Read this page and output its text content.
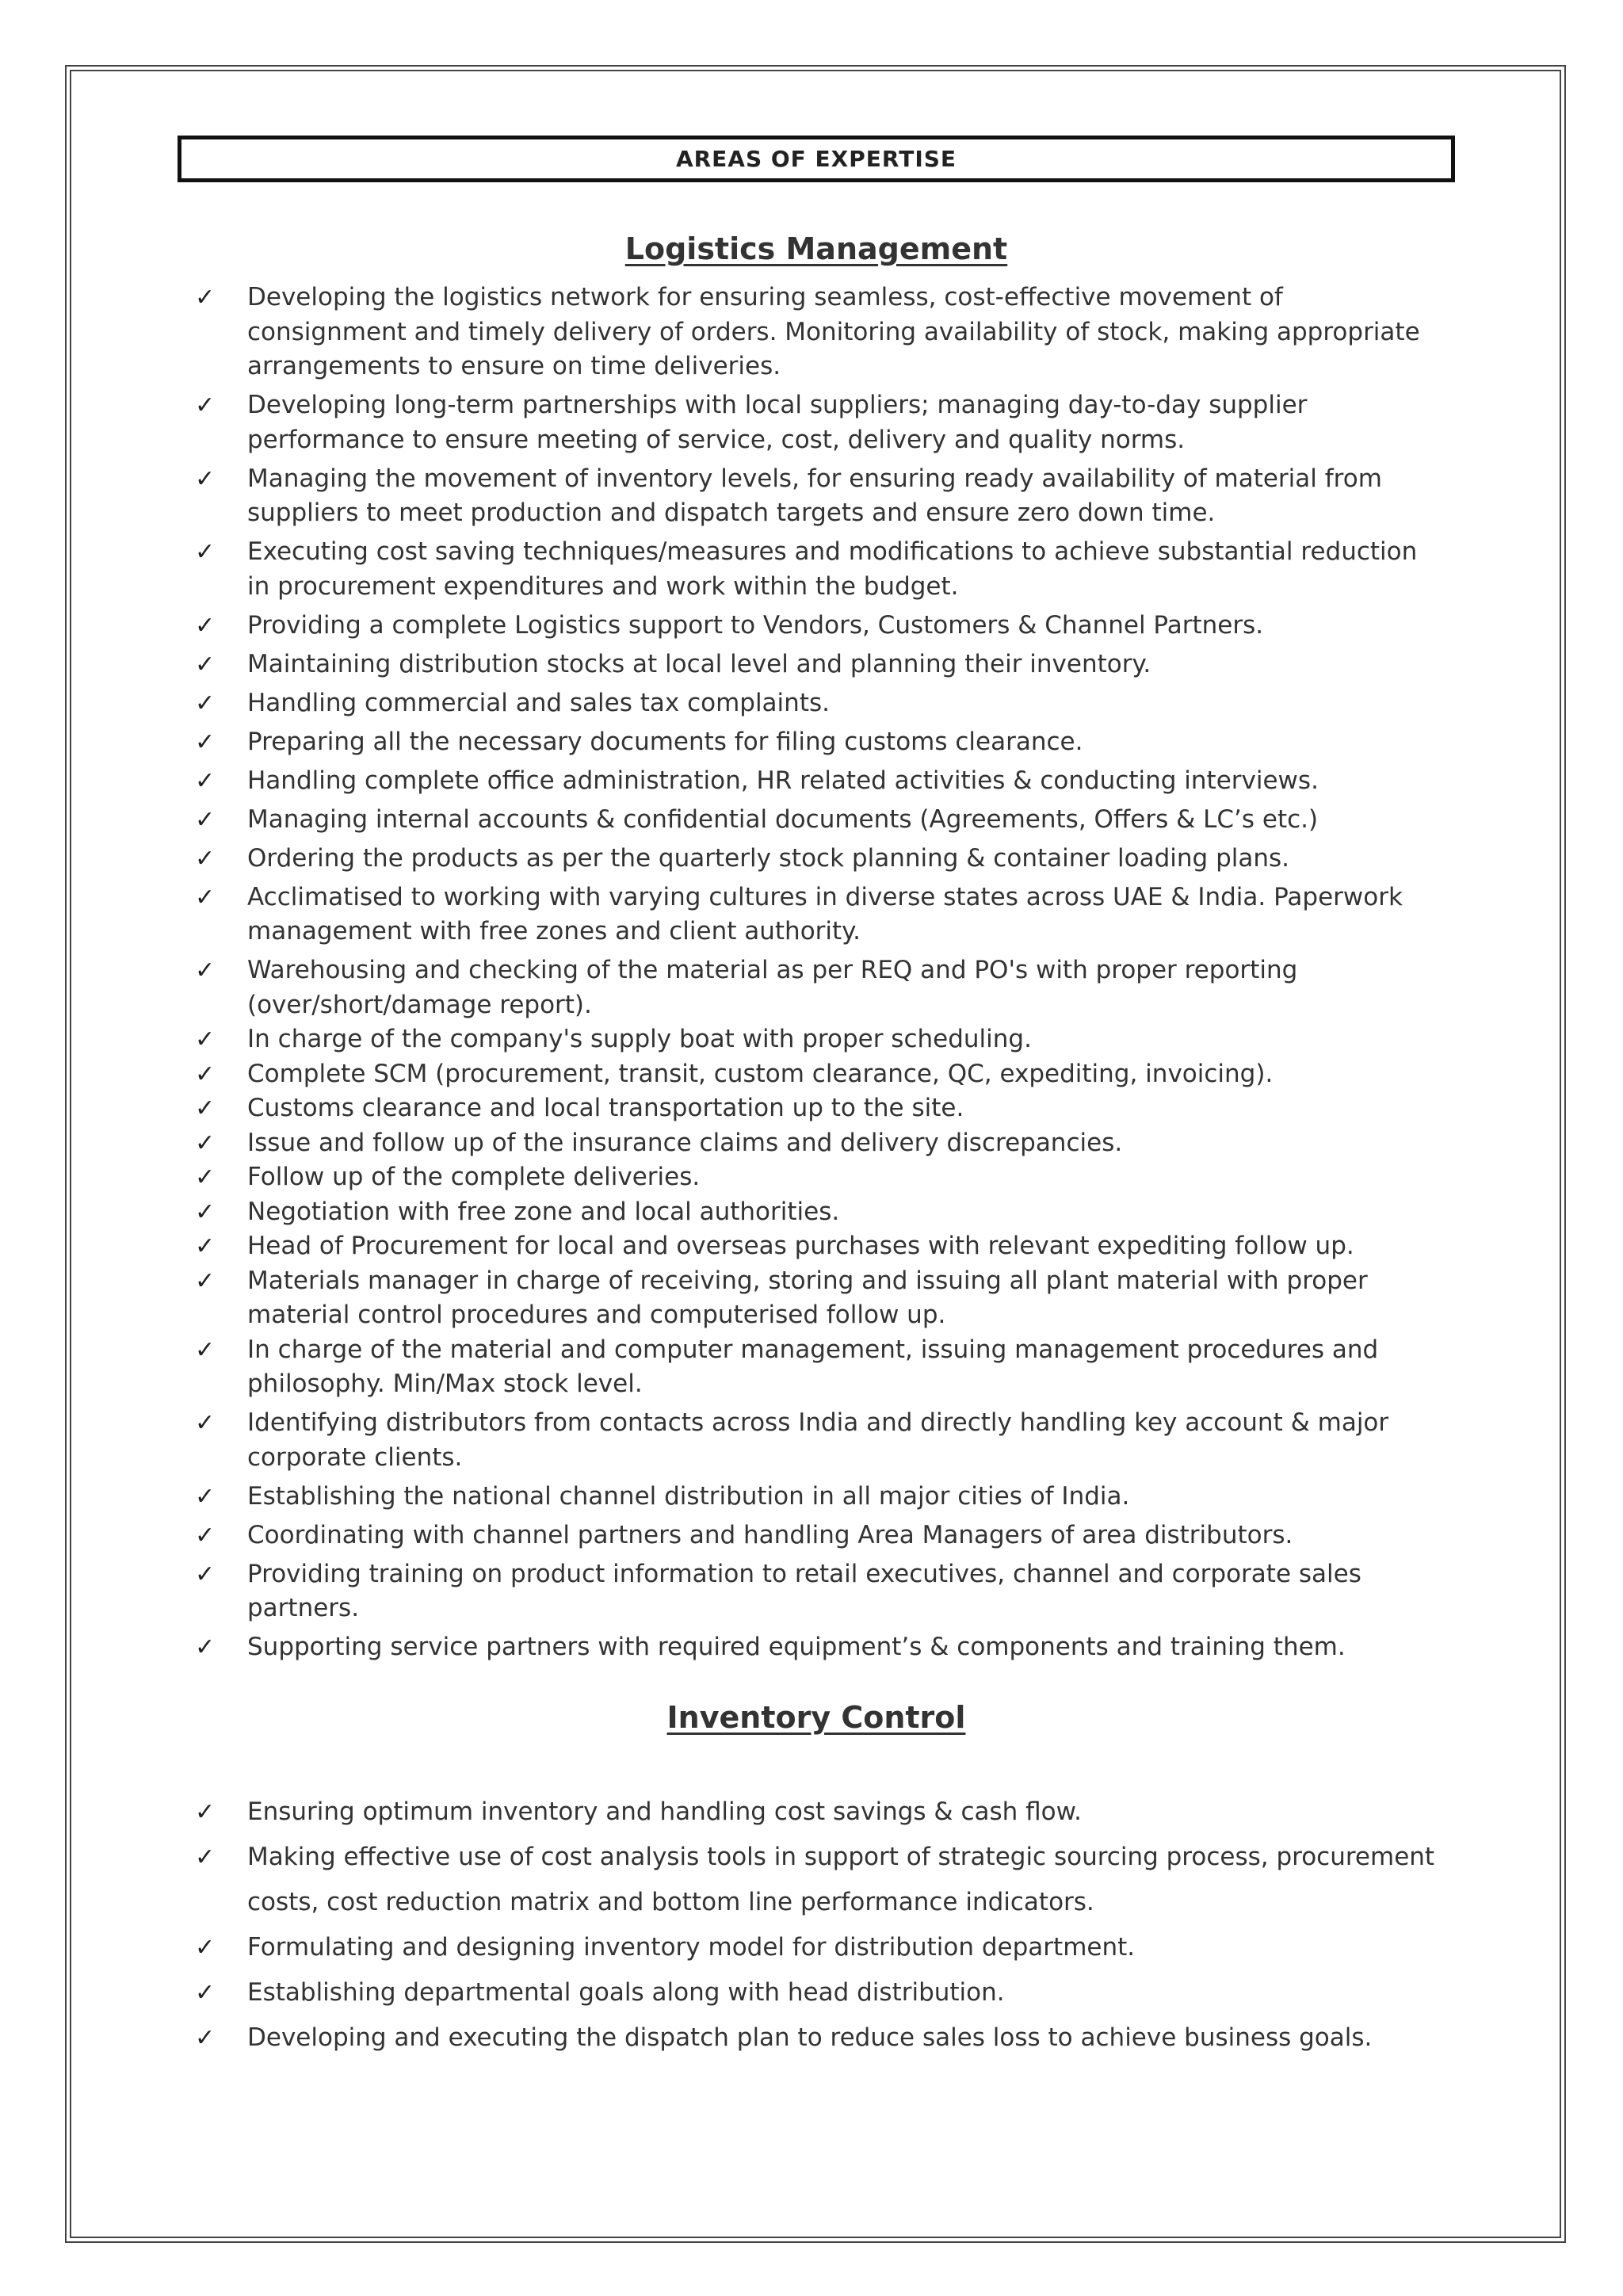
AREAS OF EXPERTISE
Logistics Management
✓ Developing the logistics network for ensuring seamless, cost-effective movement of consignment and timely delivery of orders. Monitoring availability of stock, making appropriate arrangements to ensure on time deliveries.
✓ Developing long-term partnerships with local suppliers; managing day-to-day supplier performance to ensure meeting of service, cost, delivery and quality norms.
✓ Managing the movement of inventory levels, for ensuring ready availability of material from suppliers to meet production and dispatch targets and ensure zero down time.
✓ Executing cost saving techniques/measures and modifications to achieve substantial reduction in procurement expenditures and work within the budget.
✓ Providing a complete Logistics support to Vendors, Customers & Channel Partners.
✓ Maintaining distribution stocks at local level and planning their inventory.
✓ Handling commercial and sales tax complaints.
✓ Preparing all the necessary documents for filing customs clearance.
✓ Handling complete office administration, HR related activities & conducting interviews.
✓ Managing internal accounts & confidential documents (Agreements, Offers & LC’s etc.)
✓ Ordering the products as per the quarterly stock planning & container loading plans.
✓ Acclimatised to working with varying cultures in diverse states across UAE & India. Paperwork management with free zones and client authority.
✓ Warehousing and checking of the material as per REQ and PO's with proper reporting (over/short/damage report).
✓ In charge of the company's supply boat with proper scheduling.
✓ Complete SCM (procurement, transit, custom clearance, QC, expediting, invoicing).
✓ Customs clearance and local transportation up to the site.
✓ Issue and follow up of the insurance claims and delivery discrepancies.
✓ Follow up of the complete deliveries.
✓ Negotiation with free zone and local authorities.
✓ Head of Procurement for local and overseas purchases with relevant expediting follow up.
✓ Materials manager in charge of receiving, storing and issuing all plant material with proper material control procedures and computerised follow up.
✓ In charge of the material and computer management, issuing management procedures and philosophy. Min/Max stock level.
✓ Identifying distributors from contacts across India and directly handling key account & major corporate clients.
✓ Establishing the national channel distribution in all major cities of India.
✓ Coordinating with channel partners and handling Area Managers of area distributors.
✓ Providing training on product information to retail executives, channel and corporate sales partners.
✓ Supporting service partners with required equipment’s & components and training them.
Inventory Control
✓ Ensuring optimum inventory and handling cost savings & cash flow.
✓ Making effective use of cost analysis tools in support of strategic sourcing process, procurement costs, cost reduction matrix and bottom line performance indicators.
✓ Formulating and designing inventory model for distribution department.
✓ Establishing departmental goals along with head distribution.
✓ Developing and executing the dispatch plan to reduce sales loss to achieve business goals.
